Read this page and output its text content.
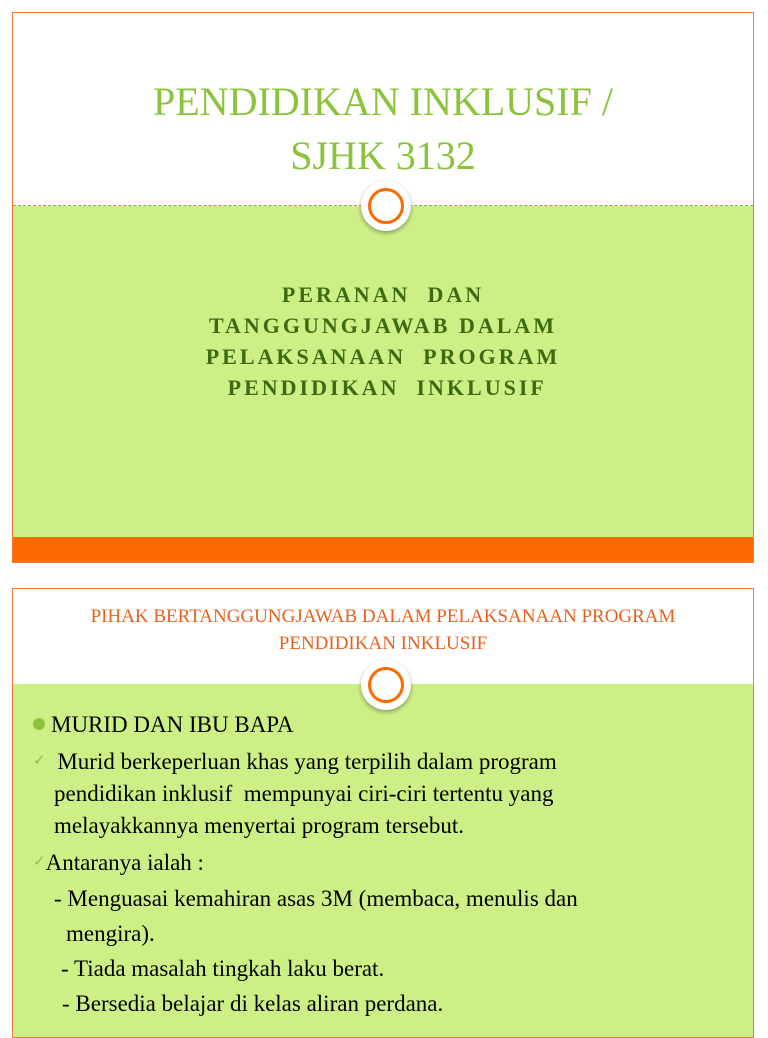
PENDIDIKAN INKLUSIF /
SJHK 3132
PERANAN  DAN
TANGGUNGJAWAB DALAM
PELAKSANAAN  PROGRAM
PENDIDIKAN  INKLUSIF
PIHAK BERTANGGUNGJAWAB DALAM PELAKSANAAN PROGRAM
PENDIDIKAN INKLUSIF
MURID DAN IBU BAPA
✓ Murid berkeperluan khas yang terpilih dalam program
pendidikan inklusif  mempunyai ciri-ciri tertentu yang
melayakkannya menyertai program tersebut.
✓Antaranya ialah :
- Menguasai kemahiran asas 3M (membaca, menulis dan
mengira).
- Tiada masalah tingkah laku berat.
- Bersedia belajar di kelas aliran perdana.
